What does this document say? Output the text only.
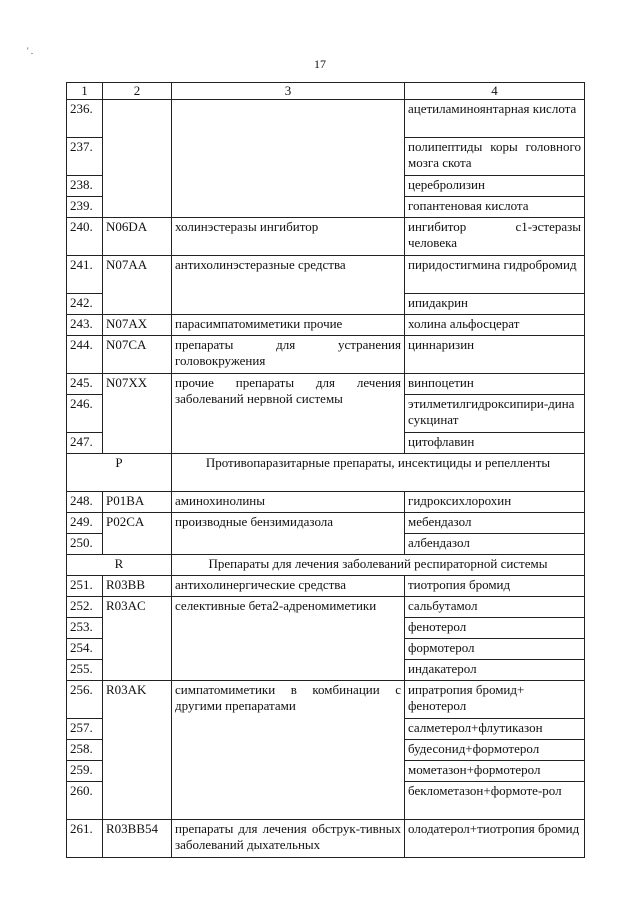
' .
17
1	2	3	4
236.			ацетиламиноянтарная кислота
237.			полипептиды коры головного мозга скота
238.			церебролизин
239.			гопантеновая кислота
240.	N06DA	холинэстеразы ингибитор	ингибитор c1-эстеразы человека
241.	N07AA	антихолинэстеразные средства	пиридостигмина гидробромид
242.			ипидакрин
243.	N07AX	парасимпатомиметики прочие	холина альфосцерат
244.	N07CA	препараты для устранения головокружения	циннаризин
245.	N07XX	прочие препараты для лечения заболеваний нервной системы	винпоцетин
246.			этилметилгидроксипири-дина сукцинат
247.			цитофлавин
P		Противопаразитарные препараты, инсектициды и репелленты	
248.	P01BA	аминохинолины	гидроксихлорохин
249.	P02CA	производные бензимидазола	мебендазол
250.			албендазол
R		Препараты для лечения заболеваний респираторной системы	
251.	R03BB	антихолинергические средства	тиотропия бромид
252.	R03AC	селективные бета2-адреномиметики	сальбутамол
253.			фенотерол
254.			формотерол
255.			индакатерол
256.	R03AK	симпатомиметики в комбинации с другими препаратами	ипратропия бромид+ фенотерол
257.			салметерол+флутиказон
258.			будесонид+формотерол
259.			мометазон+формотерол
260.			беклометазон+формоте-рол
261.	R03BB54	препараты для лечения обструк-тивных заболеваний дыхательных	олодатерол+тиотропия бромид
